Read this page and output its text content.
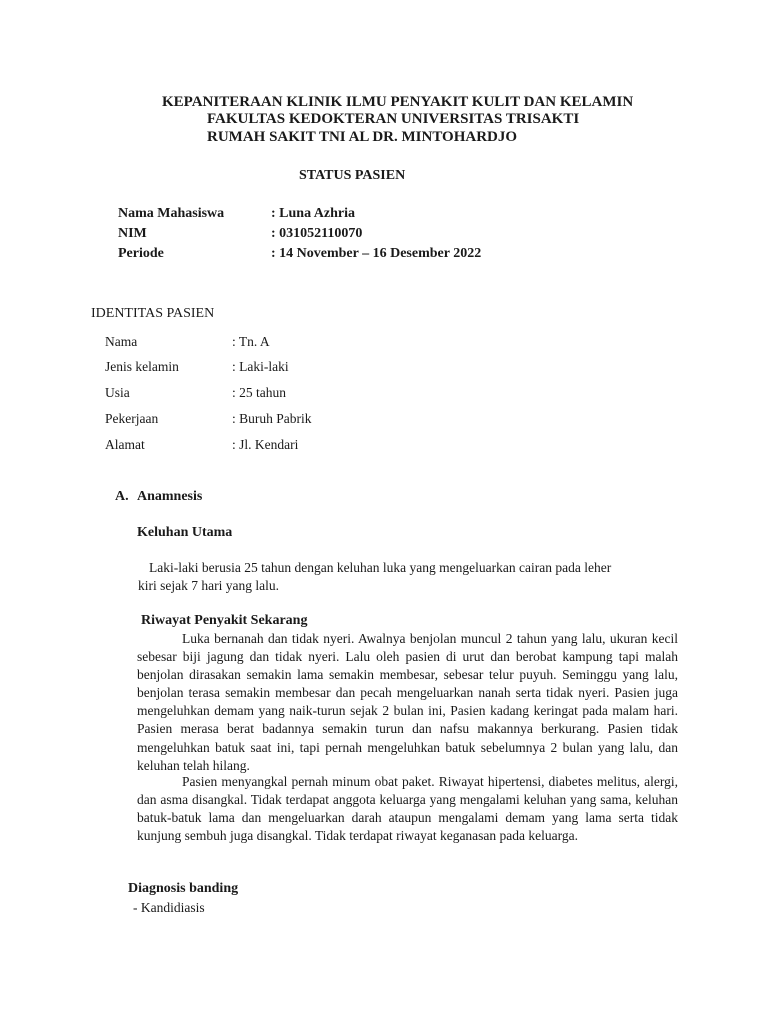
KEPANITERAAN KLINIK ILMU PENYAKIT KULIT DAN KELAMIN
FAKULTAS KEDOKTERAN UNIVERSITAS TRISAKTI
RUMAH SAKIT TNI AL DR. MINTOHARDJO
STATUS PASIEN
Nama Mahasiswa	: Luna Azhria
NIM	: 031052110070
Periode	: 14 November – 16 Desember 2022
IDENTITAS PASIEN
Nama	: Tn. A
Jenis kelamin	: Laki-laki
Usia	: 25 tahun
Pekerjaan	: Buruh Pabrik
Alamat	: Jl. Kendari
A. Anamnesis
Keluhan Utama
Laki-laki berusia 25 tahun dengan keluhan luka yang mengeluarkan cairan pada leher
kiri sejak 7 hari yang lalu.
Riwayat Penyakit Sekarang
Luka bernanah dan tidak nyeri. Awalnya benjolan muncul 2 tahun yang lalu, ukuran kecil sebesar biji jagung dan tidak nyeri. Lalu oleh pasien di urut dan berobat kampung tapi malah benjolan dirasakan semakin lama semakin membesar, sebesar telur puyuh. Seminggu yang lalu, benjolan terasa semakin membesar dan pecah mengeluarkan nanah serta tidak nyeri. Pasien juga mengeluhkan demam yang naik-turun sejak 2 bulan ini, Pasien kadang keringat pada malam hari. Pasien merasa berat badannya semakin turun dan nafsu makannya berkurang. Pasien tidak mengeluhkan batuk saat ini, tapi pernah mengeluhkan batuk sebelumnya 2 bulan yang lalu, dan keluhan telah hilang.
Pasien menyangkal pernah minum obat paket. Riwayat hipertensi, diabetes melitus, alergi, dan asma disangkal. Tidak terdapat anggota keluarga yang mengalami keluhan yang sama, keluhan batuk-batuk lama dan mengeluarkan darah ataupun mengalami demam yang lama serta tidak kunjung sembuh juga disangkal. Tidak terdapat riwayat keganasan pada keluarga.
Diagnosis banding
- Kandidiasis
